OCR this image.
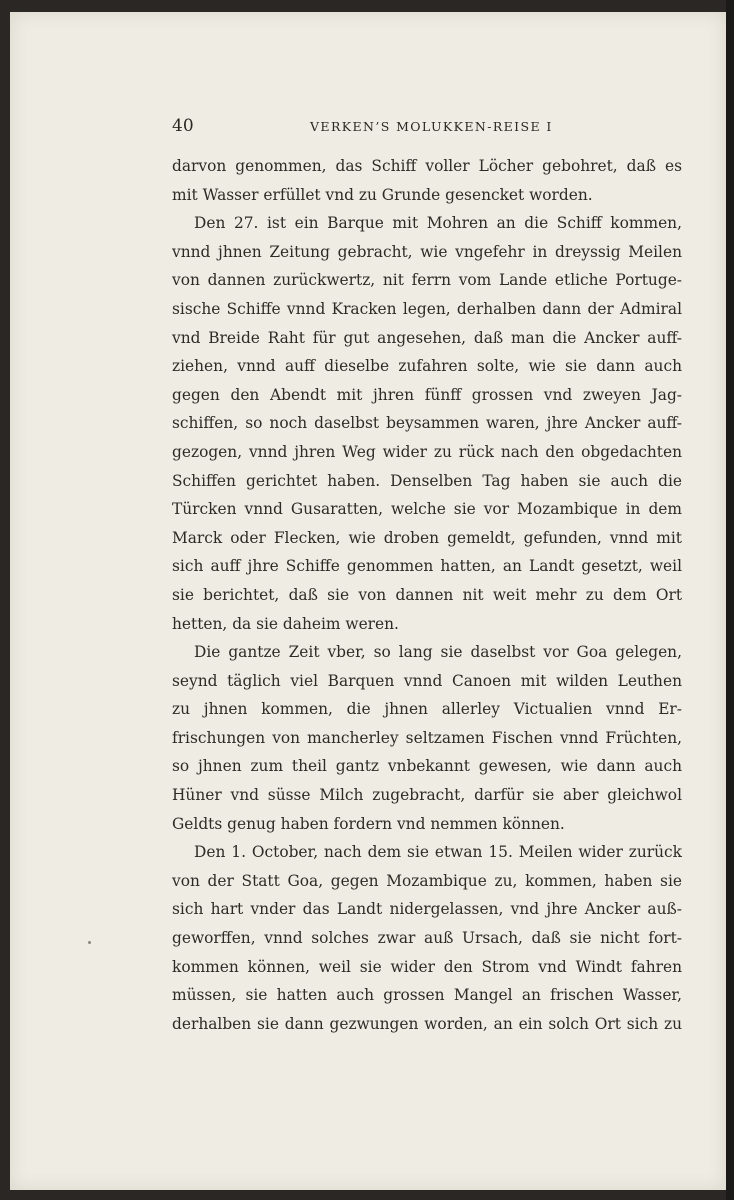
40	VERKEN’S MOLUKKEN-REISE I
darvon genommen, das Schiff voller Löcher gebohret, daß es
mit Wasser erfüllet vnd zu Grunde gesencket worden.
Den 27. ist ein Barque mit Mohren an die Schiff kommen,
vnnd jhnen Zeitung gebracht, wie vngefehr in dreyssig Meilen
von dannen zurückwertz, nit ferrn vom Lande etliche Portuge-
sische Schiffe vnnd Kracken legen, derhalben dann der Admiral
vnd Breide Raht für gut angesehen, daß man die Ancker auff-
ziehen, vnnd auff dieselbe zufahren solte, wie sie dann auch
gegen den Abendt mit jhren fünff grossen vnd zweyen Jag-
schiffen, so noch daselbst beysammen waren, jhre Ancker auff-
gezogen, vnnd jhren Weg wider zu rück nach den obgedachten
Schiffen gerichtet haben. Denselben Tag haben sie auch die
Türcken vnnd Gusaratten, welche sie vor Mozambique in dem
Marck oder Flecken, wie droben gemeldt, gefunden, vnnd mit
sich auff jhre Schiffe genommen hatten, an Landt gesetzt, weil
sie berichtet, daß sie von dannen nit weit mehr zu dem Ort
hetten, da sie daheim weren.
Die gantze Zeit vber, so lang sie daselbst vor Goa gelegen,
seynd täglich viel Barquen vnnd Canoen mit wilden Leuthen
zu jhnen kommen, die jhnen allerley Victualien vnnd Er-
frischungen von mancherley seltzamen Fischen vnnd Früchten,
so jhnen zum theil gantz vnbekannt gewesen, wie dann auch
Hüner vnd süsse Milch zugebracht, darfür sie aber gleichwol
Geldts genug haben fordern vnd nemmen können.
Den 1. October, nach dem sie etwan 15. Meilen wider zurück
von der Statt Goa, gegen Mozambique zu, kommen, haben sie
sich hart vnder das Landt nidergelassen, vnd jhre Ancker auß-
geworffen, vnnd solches zwar auß Ursach, daß sie nicht fort-
kommen können, weil sie wider den Strom vnd Windt fahren
müssen, sie hatten auch grossen Mangel an frischen Wasser,
derhalben sie dann gezwungen worden, an ein solch Ort sich zu
